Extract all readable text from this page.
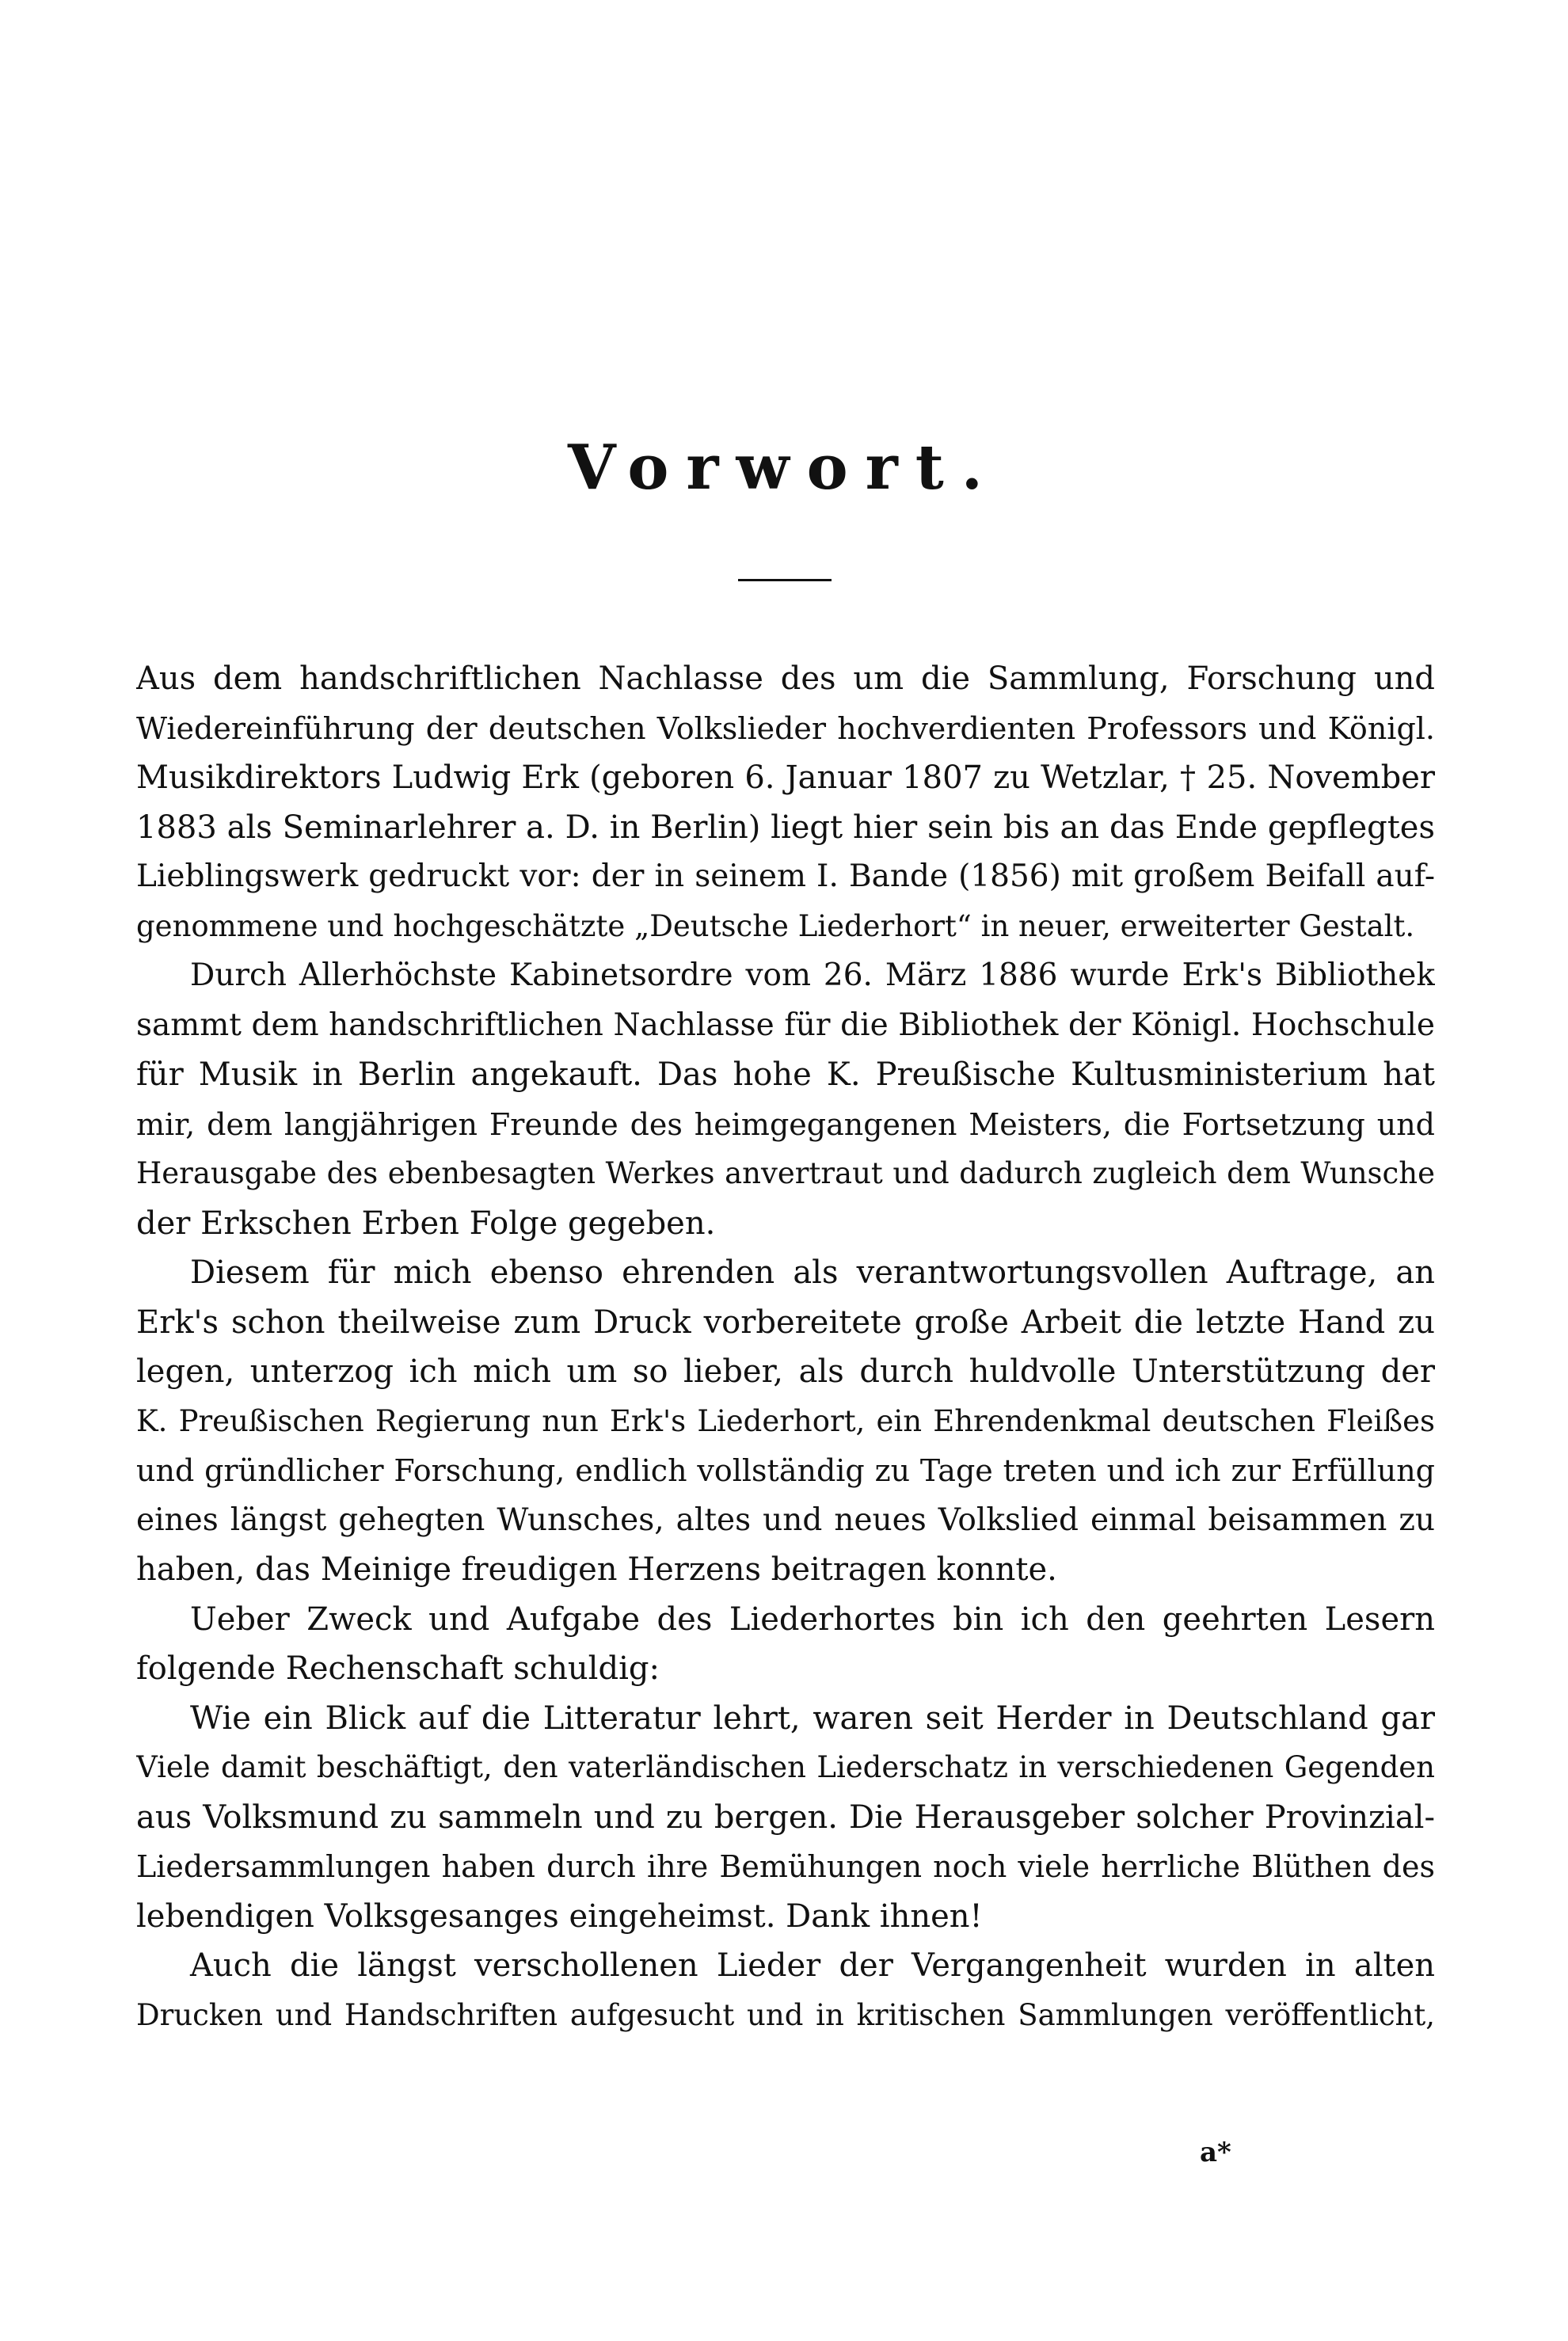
Vorwort.

Aus dem handschriftlichen Nachlasse des um die Sammlung, Forschung und
Wiedereinführung der deutschen Volkslieder hochverdienten Professors und Königl.
Musikdirektors Ludwig Erk (geboren 6. Januar 1807 zu Wetzlar, † 25. November
1883 als Seminarlehrer a. D. in Berlin) liegt hier sein bis an das Ende gepflegtes
Lieblingswerk gedruckt vor: der in seinem I. Bande (1856) mit großem Beifall auf-
genommene und hochgeschätzte „Deutsche Liederhort“ in neuer, erweiterter Gestalt.

Durch Allerhöchste Kabinetsordre vom 26. März 1886 wurde Erk's Bibliothek
sammt dem handschriftlichen Nachlasse für die Bibliothek der Königl. Hochschule
für Musik in Berlin angekauft. Das hohe K. Preußische Kultusministerium hat
mir, dem langjährigen Freunde des heimgegangenen Meisters, die Fortsetzung und
Herausgabe des ebenbesagten Werkes anvertraut und dadurch zugleich dem Wunsche
der Erkschen Erben Folge gegeben.

Diesem für mich ebenso ehrenden als verantwortungsvollen Auftrage, an
Erk's schon theilweise zum Druck vorbereitete große Arbeit die letzte Hand zu
legen, unterzog ich mich um so lieber, als durch huldvolle Unterstützung der
K. Preußischen Regierung nun Erk's Liederhort, ein Ehrendenkmal deutschen Fleißes
und gründlicher Forschung, endlich vollständig zu Tage treten und ich zur Erfüllung
eines längst gehegten Wunsches, altes und neues Volkslied einmal beisammen zu
haben, das Meinige freudigen Herzens beitragen konnte.

Ueber Zweck und Aufgabe des Liederhortes bin ich den geehrten Lesern
folgende Rechenschaft schuldig:

Wie ein Blick auf die Litteratur lehrt, waren seit Herder in Deutschland gar
Viele damit beschäftigt, den vaterländischen Liederschatz in verschiedenen Gegenden
aus Volksmund zu sammeln und zu bergen. Die Herausgeber solcher Provinzial-
Liedersammlungen haben durch ihre Bemühungen noch viele herrliche Blüthen des
lebendigen Volksgesanges eingeheimst. Dank ihnen!

Auch die längst verschollenen Lieder der Vergangenheit wurden in alten
Drucken und Handschriften aufgesucht und in kritischen Sammlungen veröffentlicht,

a*
